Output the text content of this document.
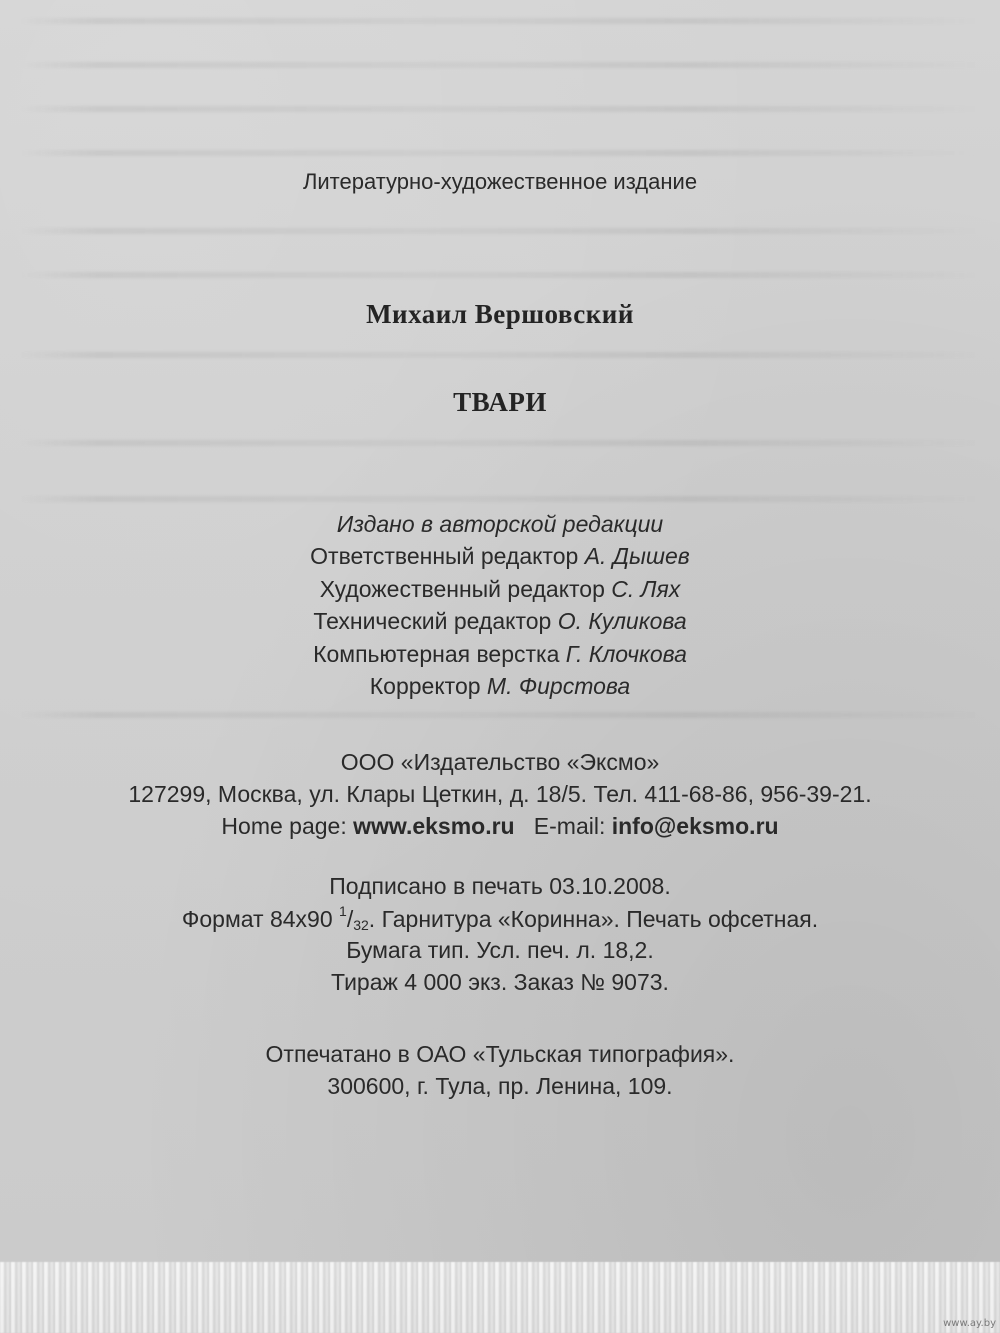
Литературно-художественное издание
Михаил Вершовский
ТВАРИ
Издано в авторской редакции
Ответственный редактор А. Дышев
Художественный редактор С. Лях
Технический редактор О. Куликова
Компьютерная верстка Г. Клочкова
Корректор М. Фирстова
ООО «Издательство «Эксмо»
127299, Москва, ул. Клары Цеткин, д. 18/5. Тел. 411-68-86, 956-39-21.
Home page: www.eksmo.ru E-mail: info@eksmo.ru
Подписано в печать 03.10.2008.
Формат 84x90 $^1$/32. Гарнитура «Коринна». Печать офсетная.
Бумага тип. Усл. печ. л. 18,2.
Тираж 4 000 экз. Заказ № 9073.
Отпечатано в ОАО «Тульская типография».
300600, г. Тула, пр. Ленина, 109.
www.ay.by
